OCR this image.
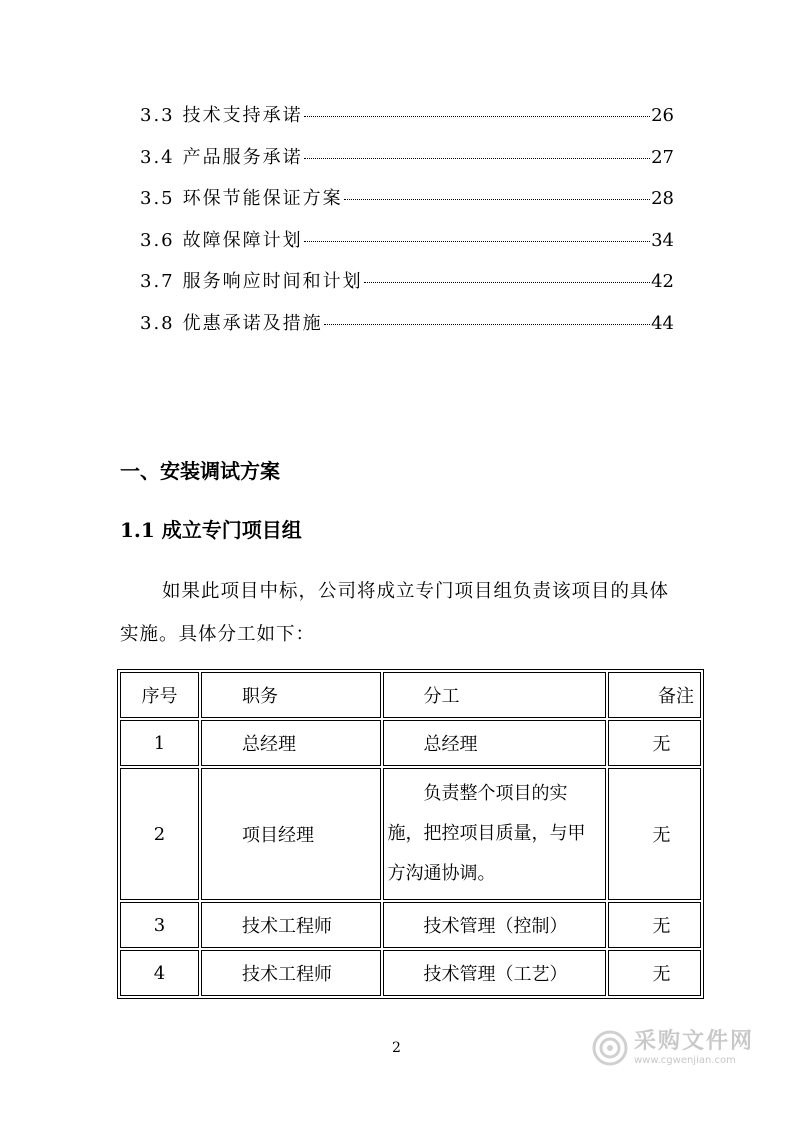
3.3 技术支持承诺	26
3.4 产品服务承诺	27
3.5 环保节能保证方案	28
3.6 故障保障计划	34
3.7 服务响应时间和计划	42
3.8 优惠承诺及措施	44
一、安装调试方案
1.1 成立专门项目组
如果此项目中标，公司将成立专门项目组负责该项目的具体实施。具体分工如下：
序号	职务	分工	备注
1	总经理	总经理	无
2	项目经理	负责整个项目的实施，把控项目质量，与甲方沟通协调。	无
3	技术工程师	技术管理（控制）	无
4	技术工程师	技术管理（工艺）	无
2	采购文件网
www.cgwenjian.com
